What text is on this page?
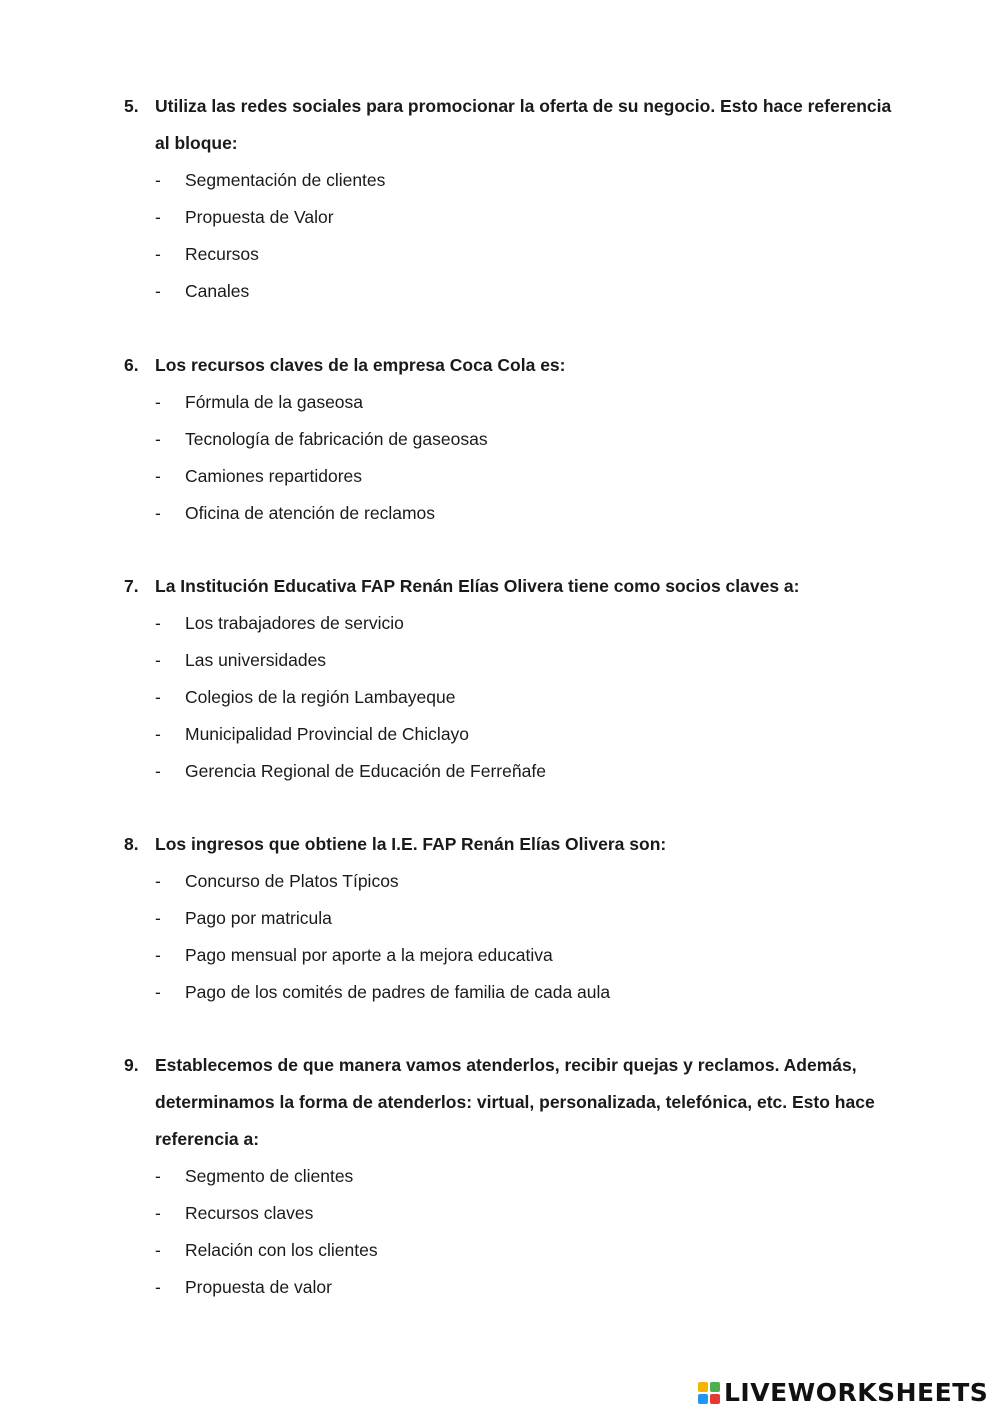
5. Utiliza las redes sociales para promocionar la oferta de su negocio. Esto hace referencia al bloque:
-	Segmentación de clientes
-	Propuesta de Valor
-	Recursos
-	Canales
6. Los recursos claves de la empresa Coca Cola es:
-	Fórmula de la gaseosa
-	Tecnología de fabricación de gaseosas
-	Camiones repartidores
-	Oficina de atención de reclamos
7. La Institución Educativa FAP Renán Elías Olivera tiene como socios claves a:
-	Los trabajadores de servicio
-	Las universidades
-	Colegios de la región Lambayeque
-	Municipalidad Provincial de Chiclayo
-	Gerencia Regional de Educación de Ferreñafe
8. Los ingresos que obtiene la I.E. FAP Renán Elías Olivera son:
-	Concurso de Platos Típicos
-	Pago por matricula
-	Pago mensual por aporte a la mejora educativa
-	Pago de los comités de padres de familia de cada aula
9. Establecemos de que manera vamos atenderlos, recibir quejas y reclamos. Además, determinamos la forma de atenderlos: virtual, personalizada, telefónica, etc. Esto hace referencia a:
-	Segmento de clientes
-	Recursos claves
-	Relación con los clientes
-	Propuesta de valor
LIVEWORKSHEETS
